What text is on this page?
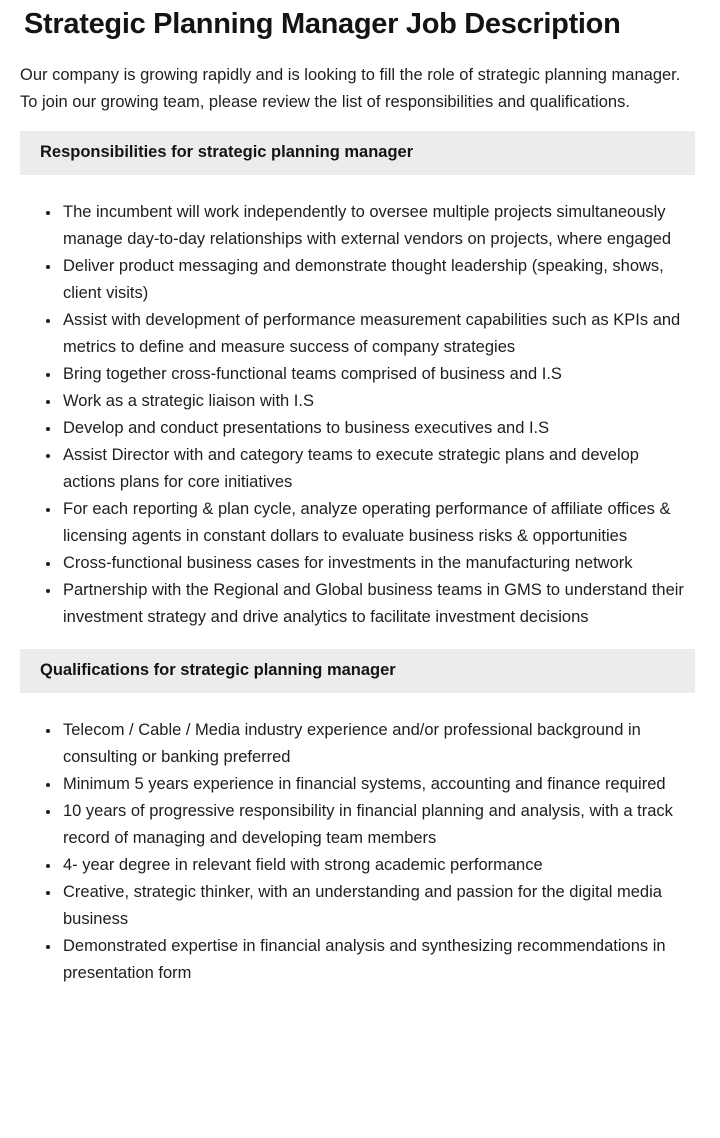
Strategic Planning Manager Job Description

Our company is growing rapidly and is looking to fill the role of strategic planning manager. To join our growing team, please review the list of responsibilities and qualifications.

Responsibilities for strategic planning manager
• The incumbent will work independently to oversee multiple projects simultaneously manage day-to-day relationships with external vendors on projects, where engaged
• Deliver product messaging and demonstrate thought leadership (speaking, shows, client visits)
• Assist with development of performance measurement capabilities such as KPIs and metrics to define and measure success of company strategies
• Bring together cross-functional teams comprised of business and I.S
• Work as a strategic liaison with I.S
• Develop and conduct presentations to business executives and I.S
• Assist Director with and category teams to execute strategic plans and develop actions plans for core initiatives
• For each reporting & plan cycle, analyze operating performance of affiliate offices & licensing agents in constant dollars to evaluate business risks & opportunities
• Cross-functional business cases for investments in the manufacturing network
• Partnership with the Regional and Global business teams in GMS to understand their investment strategy and drive analytics to facilitate investment decisions
Qualifications for strategic planning manager
• Telecom / Cable / Media industry experience and/or professional background in consulting or banking preferred
• Minimum 5 years experience in financial systems, accounting and finance required
• 10 years of progressive responsibility in financial planning and analysis, with a track record of managing and developing team members
• 4- year degree in relevant field with strong academic performance
• Creative, strategic thinker, with an understanding and passion for the digital media business
• Demonstrated expertise in financial analysis and synthesizing recommendations in presentation form
